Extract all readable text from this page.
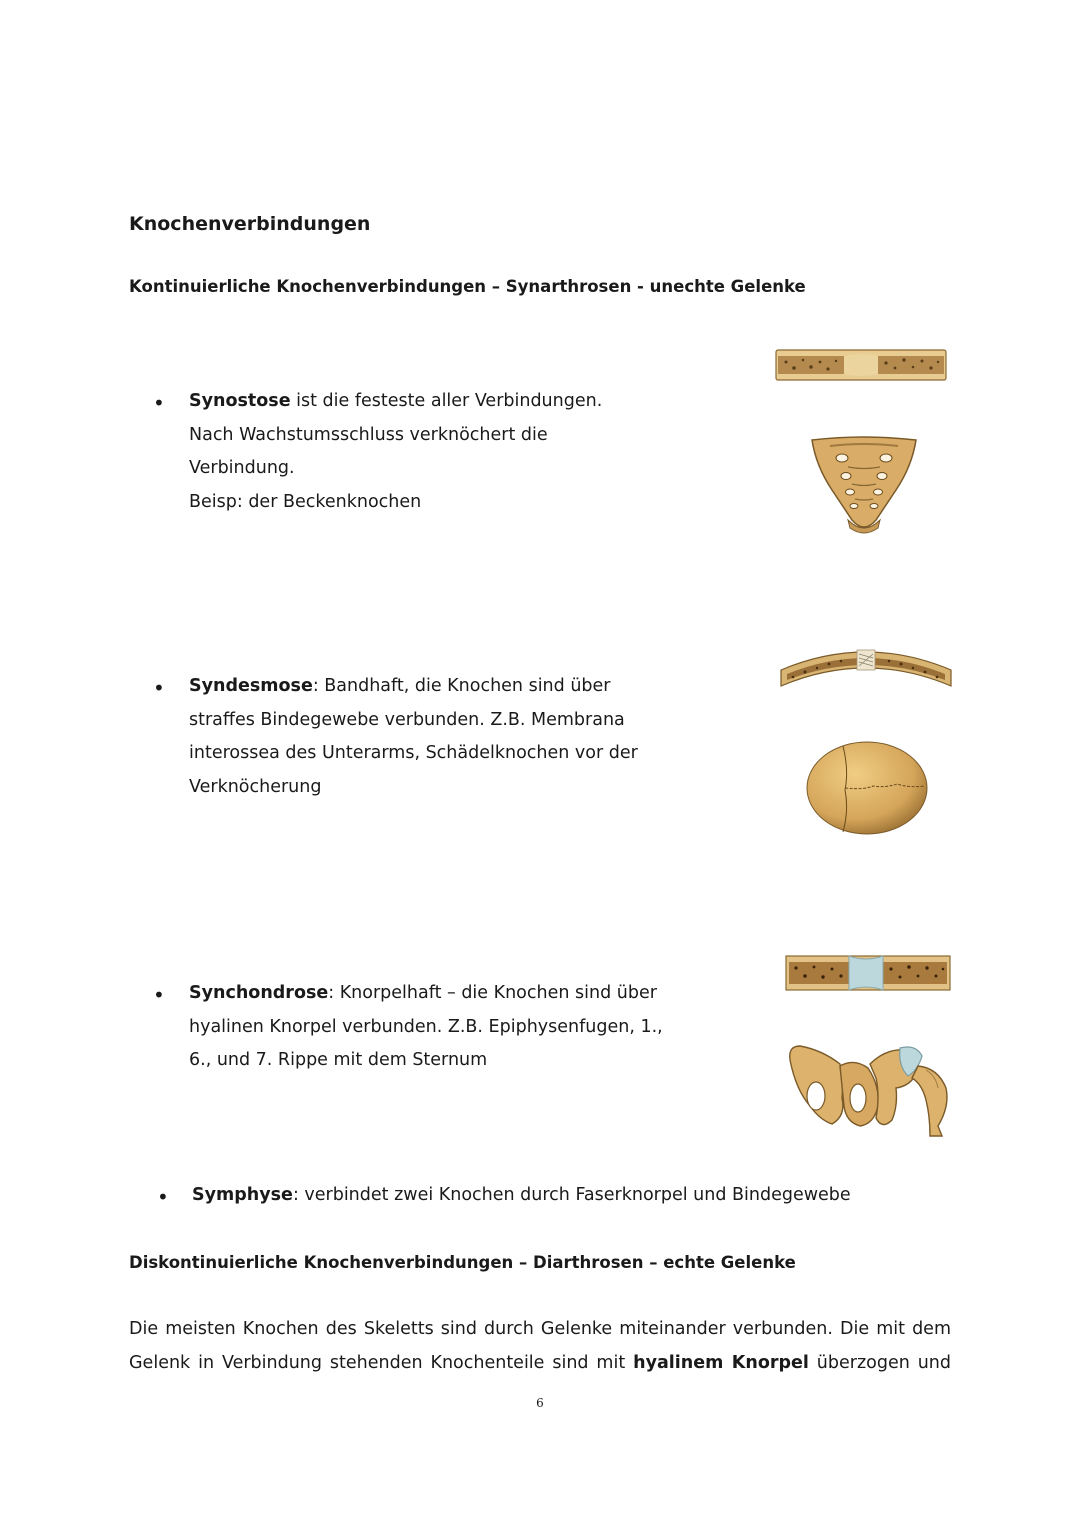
Knochenverbindungen
Kontinuierliche Knochenverbindungen – Synarthrosen - unechte Gelenke
• Synostose ist die festeste aller Verbindungen.
Nach Wachstumsschluss verknöchert die
Verbindung.
Beisp: der Beckenknochen
• Syndesmose: Bandhaft, die Knochen sind über
straffes Bindegewebe verbunden. Z.B. Membrana
interossea des Unterarms, Schädelknochen vor der
Verknöcherung
• Synchondrose: Knorpelhaft – die Knochen sind über
hyalinen Knorpel verbunden. Z.B. Epiphysenfugen, 1.,
6., und 7. Rippe mit dem Sternum
• Symphyse: verbindet zwei Knochen durch Faserknorpel und Bindegewebe
Diskontinuierliche Knochenverbindungen – Diarthrosen – echte Gelenke
Die meisten Knochen des Skeletts sind durch Gelenke miteinander verbunden. Die mit dem Gelenk in Verbindung stehenden Knochenteile sind mit hyalinem Knorpel überzogen und
6
